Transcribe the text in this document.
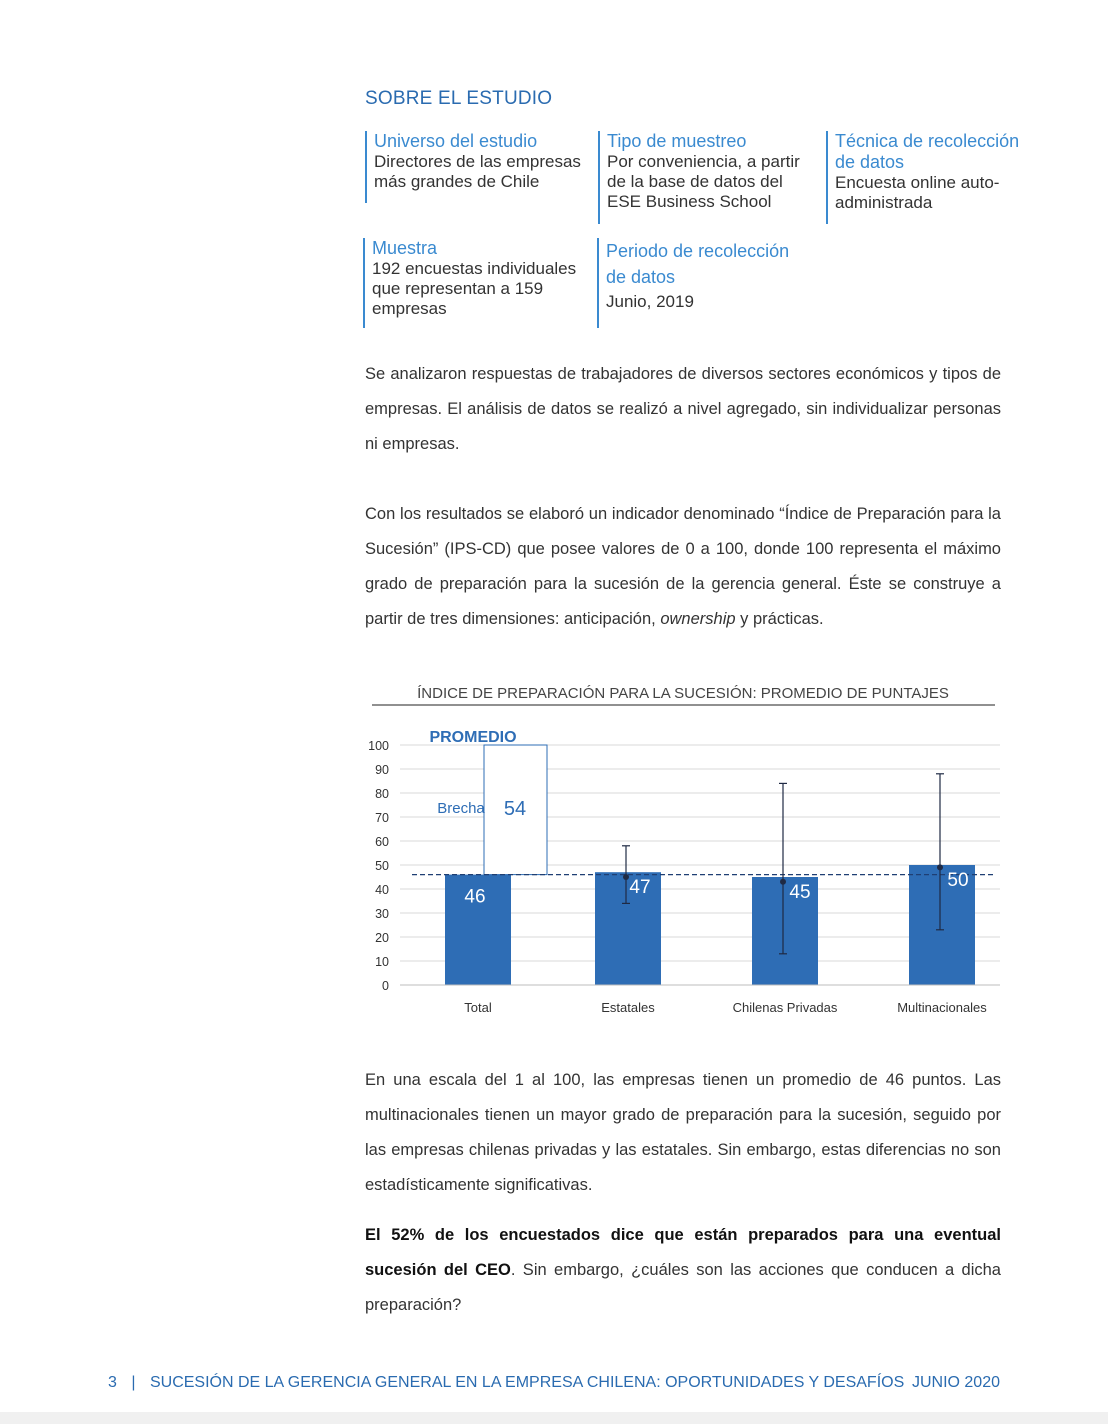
SOBRE EL ESTUDIO
Universo del estudio
Directores de las empresas más grandes de Chile
Tipo de muestreo
Por conveniencia, a partir de la base de datos del ESE Business School
Técnica de recolección de datos
Encuesta online auto-administrada
Muestra
192 encuestas individuales que representan a 159 empresas
Periodo de recolección de datos
Junio, 2019

Se analizaron respuestas de trabajadores de diversos sectores económicos y tipos de empresas. El análisis de datos se realizó a nivel agregado, sin individualizar personas ni empresas.

Con los resultados se elaboró un indicador denominado “Índice de Preparación para la Sucesión” (IPS-CD) que posee valores de 0 a 100, donde 100 representa el máximo grado de preparación para la sucesión de la gerencia general. Éste se construye a partir de tres dimensiones: anticipación, ownership y prácticas.

ÍNDICE DE PREPARACIÓN PARA LA SUCESIÓN: PROMEDIO DE PUNTAJES
0
10
20
30
40
50
60
70
80
90
100
54
Brecha
PROMEDIO
46	47	45
50
Total	Estatales	Chilenas Privadas	Multinacionales

En una escala del 1 al 100, las empresas tienen un promedio de 46 puntos. Las multinacionales tienen un mayor grado de preparación para la sucesión, seguido por las empresas chilenas privadas y las estatales. Sin embargo, estas diferencias no son estadísticamente significativas.

El 52% de los encuestados dice que están preparados para una eventual sucesión del CEO. Sin embargo, ¿cuáles son las acciones que conducen a dicha preparación?

3 | SUCESIÓN DE LA GERENCIA GENERAL EN LA EMPRESA CHILENA: OPORTUNIDADES Y DESAFÍOS JUNIO 2020
